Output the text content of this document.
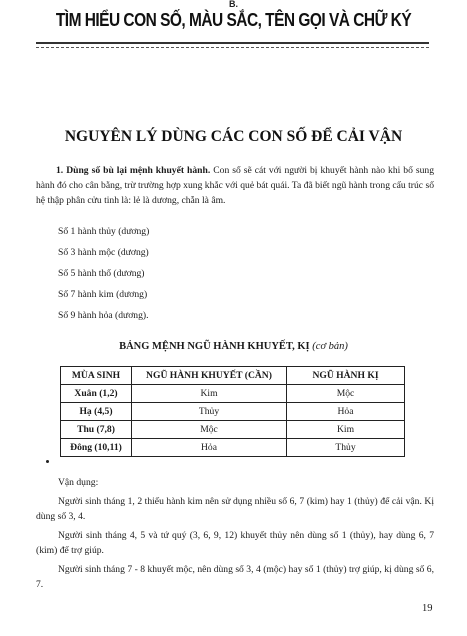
B.
TÌM HIỂU CON SỐ, MÀU SẮC, TÊN GỌI VÀ CHỮ KÝ
NGUYÊN LÝ DÙNG CÁC CON SỐ ĐỂ CẢI VẬN
1. Dùng số bù lại mệnh khuyết hành. Con số sẽ cát với người bị khuyết hành nào khi bổ sung hành đó cho cân bằng, trừ trường hợp xung khắc với quẻ bát quái. Ta đã biết ngũ hành trong cấu trúc số hệ thập phân cửu tinh là: lẻ là dương, chẵn là âm.
Số 1 hành thủy (dương)
Số 3 hành mộc (dương)
Số 5 hành thổ (dương)
Số 7 hành kim (dương)
Số 9 hành hỏa (dương).
BẢNG MỆNH NGŨ HÀNH KHUYẾT, KỊ (cơ bản)
MÙA SINH	NGŨ HÀNH KHUYẾT (CẦN)	NGŨ HÀNH KỊ
Xuân (1,2)	Kim	Mộc
Hạ (4,5)	Thủy	Hỏa
Thu (7,8)	Mộc	Kim
Đông (10,11)	Hỏa	Thủy
Vận dụng:
Người sinh tháng 1, 2 thiếu hành kim nên sử dụng nhiều số 6, 7 (kim) hay 1 (thủy) để cải vận. Kị dùng số 3, 4.
Người sinh tháng 4, 5 và tứ quý (3, 6, 9, 12) khuyết thủy nên dùng số 1 (thủy), hay dùng 6, 7 (kim) để trợ giúp.
Người sinh tháng 7 - 8 khuyết mộc, nên dùng số 3, 4 (mộc) hay số 1 (thủy) trợ giúp, kị dùng số 6, 7.
19
